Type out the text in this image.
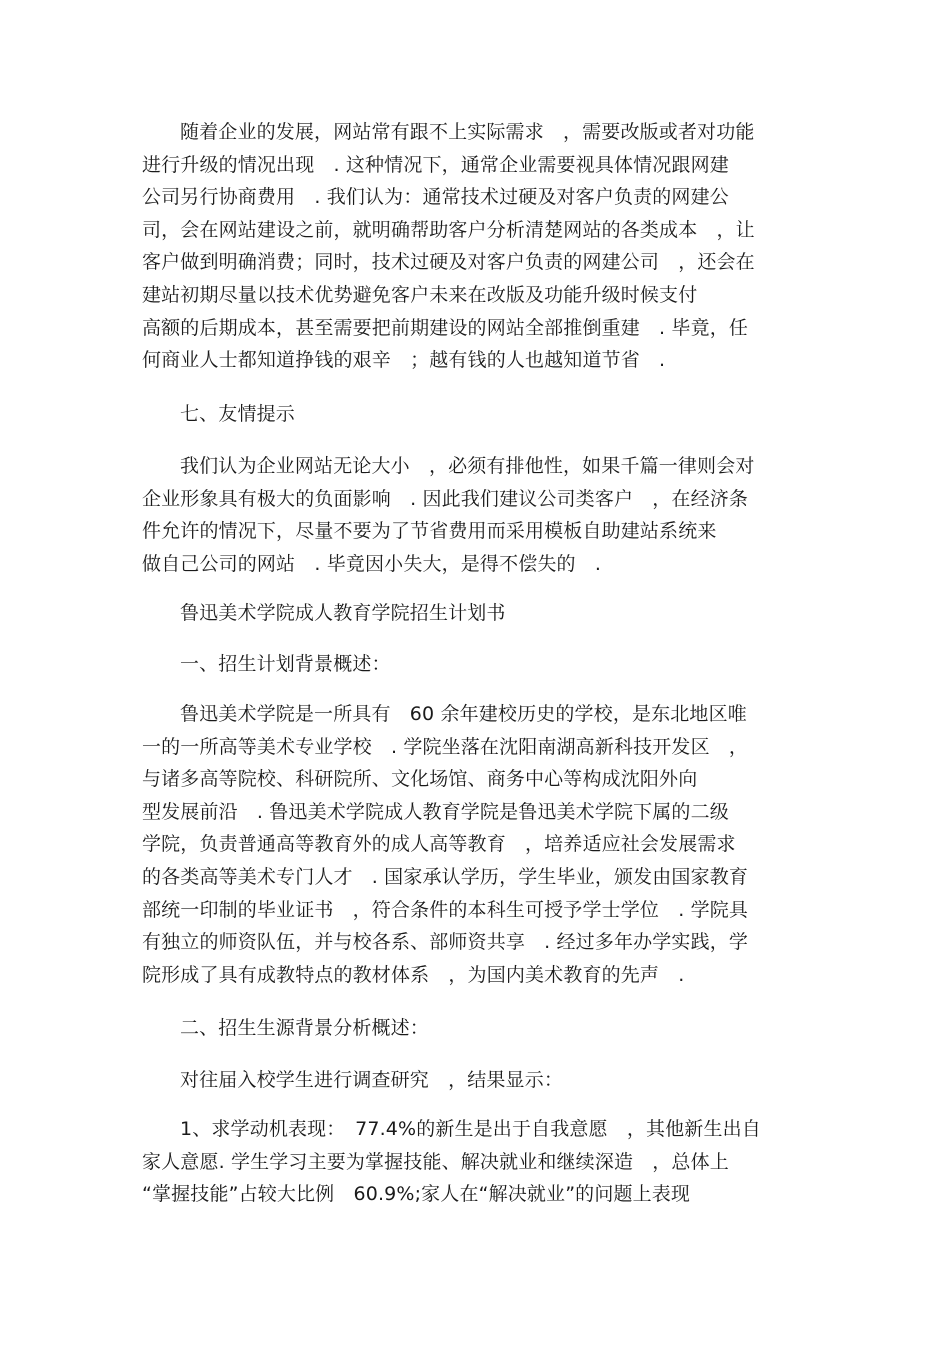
随着企业的发展，网站常有跟不上实际需求　，需要改版或者对功能
进行升级的情况出现　. 这种情况下，通常企业需要视具体情况跟网建
公司另行协商费用　. 我们认为：通常技术过硬及对客户负责的网建公
司，会在网站建设之前，就明确帮助客户分析清楚网站的各类成本　，让
客户做到明确消费；同时，技术过硬及对客户负责的网建公司　，还会在
建站初期尽量以技术优势避免客户未来在改版及功能升级时候支付
高额的后期成本，甚至需要把前期建设的网站全部推倒重建　. 毕竟，任
何商业人士都知道挣钱的艰辛　；越有钱的人也越知道节省　.
七、友情提示
我们认为企业网站无论大小　，必须有排他性，如果千篇一律则会对
企业形象具有极大的负面影响　. 因此我们建议公司类客户　，在经济条
件允许的情况下，尽量不要为了节省费用而采用模板自助建站系统来
做自己公司的网站　. 毕竟因小失大，是得不偿失的　.
鲁迅美术学院成人教育学院招生计划书
一、招生计划背景概述：
鲁迅美术学院是一所具有　60 余年建校历史的学校，是东北地区唯
一的一所高等美术专业学校　. 学院坐落在沈阳南湖高新科技开发区　，
与诸多高等院校、科研院所、文化场馆、商务中心等构成沈阳外向
型发展前沿　. 鲁迅美术学院成人教育学院是鲁迅美术学院下属的二级
学院，负责普通高等教育外的成人高等教育　，培养适应社会发展需求
的各类高等美术专门人才　. 国家承认学历，学生毕业，颁发由国家教育
部统一印制的毕业证书　，符合条件的本科生可授予学士学位　. 学院具
有独立的师资队伍，并与校各系、部师资共享　. 经过多年办学实践，学
院形成了具有成教特点的教材体系　，为国内美术教育的先声　.
二、招生生源背景分析概述：
对往届入校学生进行调查研究　，结果显示：
1、求学动机表现：　77.4%的新生是出于自我意愿　，其他新生出自
家人意愿. 学生学习主要为掌握技能、解决就业和继续深造　，总体上
“掌握技能”占较大比例　60.9%;家人在“解决就业”的问题上表现
